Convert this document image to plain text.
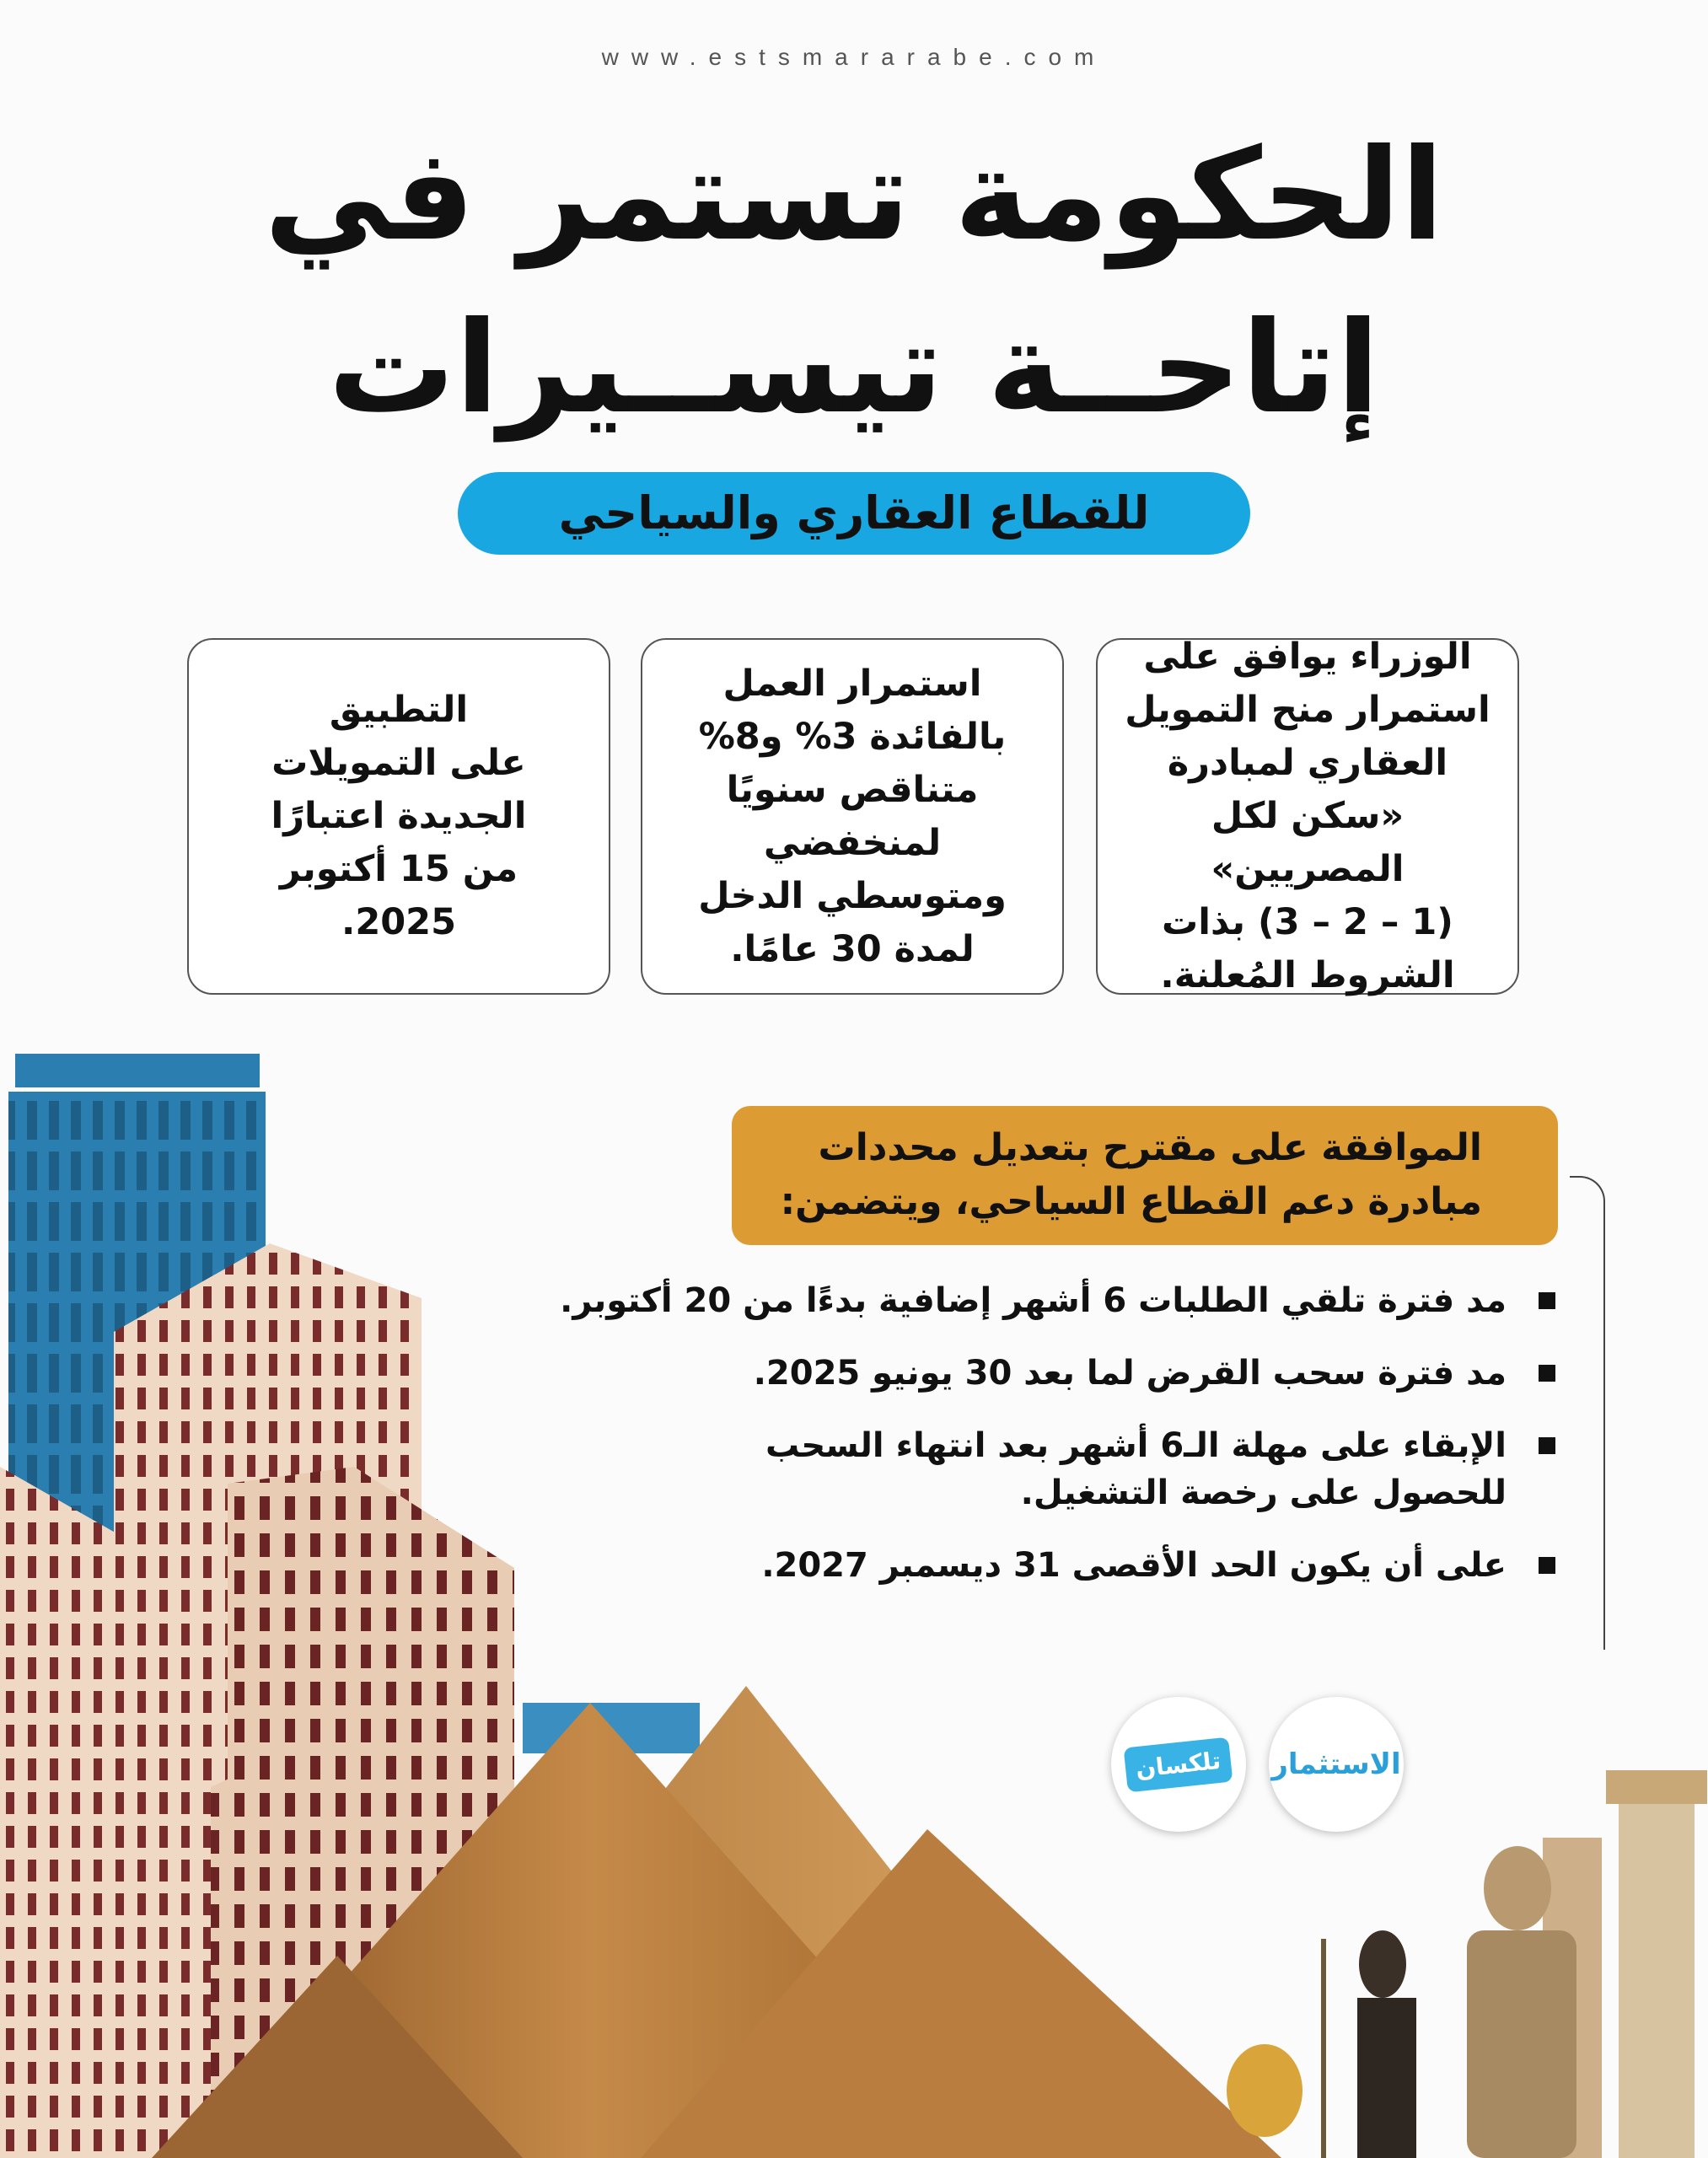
www.estsmararabe.com
الحكومة تستمر في
إتاحــة تيســيرات
للقطاع العقاري والسياحي
الوزراء يوافق على
استمرار منح التمويل
العقاري لمبادرة
«سكن لكل المصريين»
(1 – 2 – 3) بذات
الشروط المُعلنة.
استمرار العمل
بالفائدة 3% و8%
متناقص سنويًا
لمنخفضي
ومتوسطي الدخل
لمدة 30 عامًا.
التطبيق
على التمويلات
الجديدة اعتبارًا
من 15 أكتوبر
2025.
الموافقة على مقترح بتعديل محددات
مبادرة دعم القطاع السياحي، ويتضمن:
مد فترة تلقي الطلبات 6 أشهر إضافية بدءًا من 20 أكتوبر.
مد فترة سحب القرض لما بعد 30 يونيو 2025.
الإبقاء على مهلة الـ6 أشهر بعد انتهاء السحب
للحصول على رخصة التشغيل.
على أن يكون الحد الأقصى 31 ديسمبر 2027.
تلكسان	الاستثمار
